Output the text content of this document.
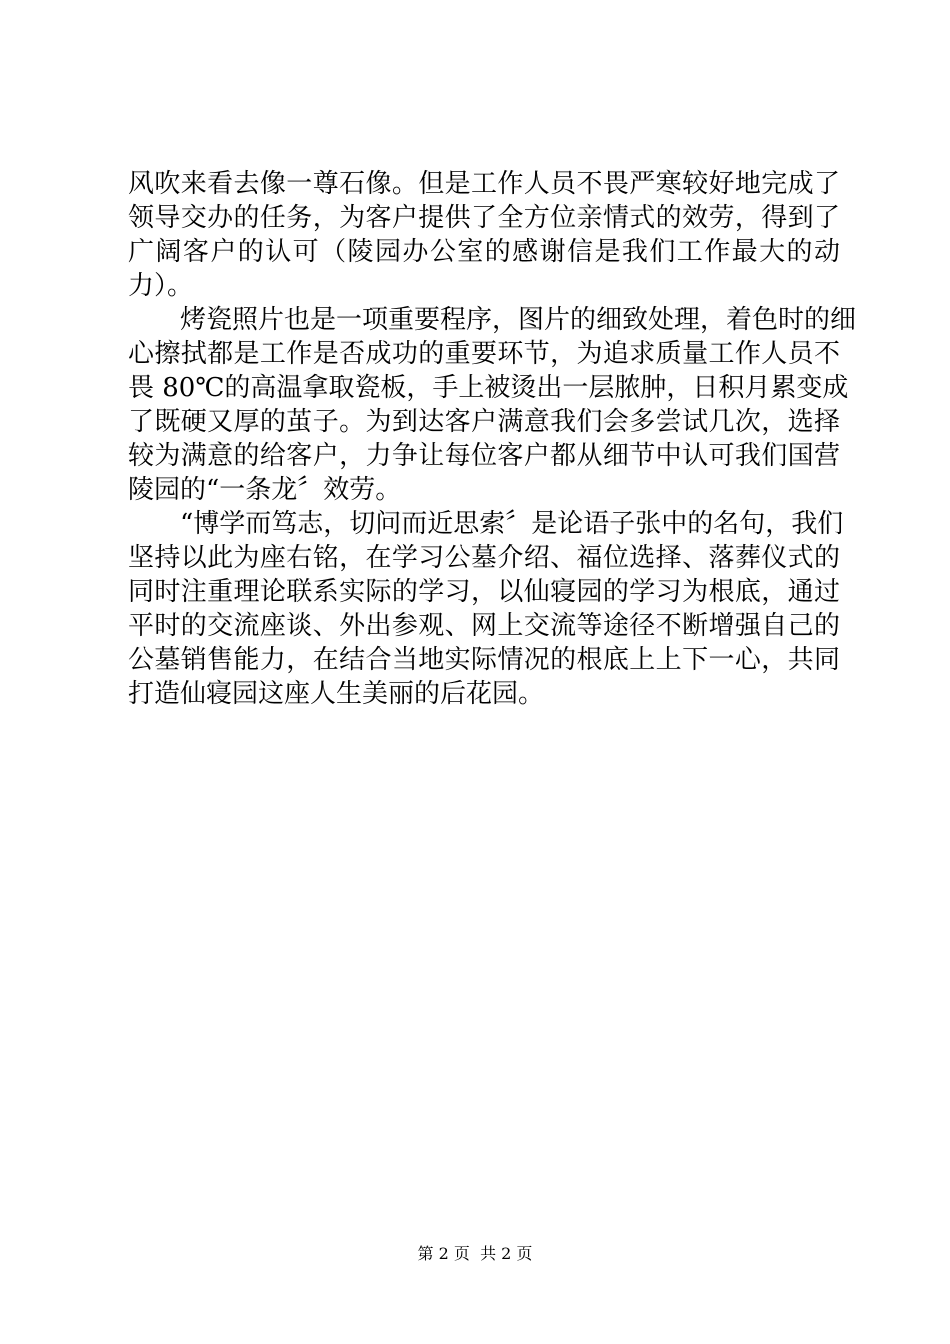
风吹来看去像一尊石像。但是工作人员不畏严寒较好地完成了
领导交办的任务，为客户提供了全方位亲情式的效劳，得到了
广阔客户的认可（陵园办公室的感谢信是我们工作最大的动
力）。
烤瓷照片也是一项重要程序，图片的细致处理，着色时的细
心擦拭都是工作是否成功的重要环节，为追求质量工作人员不
畏 80℃的高温拿取瓷板，手上被烫出一层脓肿，日积月累变成
了既硬又厚的茧子。为到达客户满意我们会多尝试几次，选择
较为满意的给客户，力争让每位客户都从细节中认可我们国营
陵园的“一条龙〞效劳。
“博学而笃志，切问而近思索〞是论语子张中的名句，我们
坚持以此为座右铭，在学习公墓介绍、福位选择、落葬仪式的
同时注重理论联系实际的学习，以仙寝园的学习为根底，通过
平时的交流座谈、外出参观、网上交流等途径不断增强自己的
公墓销售能力，在结合当地实际情况的根底上上下一心，共同
打造仙寝园这座人生美丽的后花园。
第 2 页  共 2 页
